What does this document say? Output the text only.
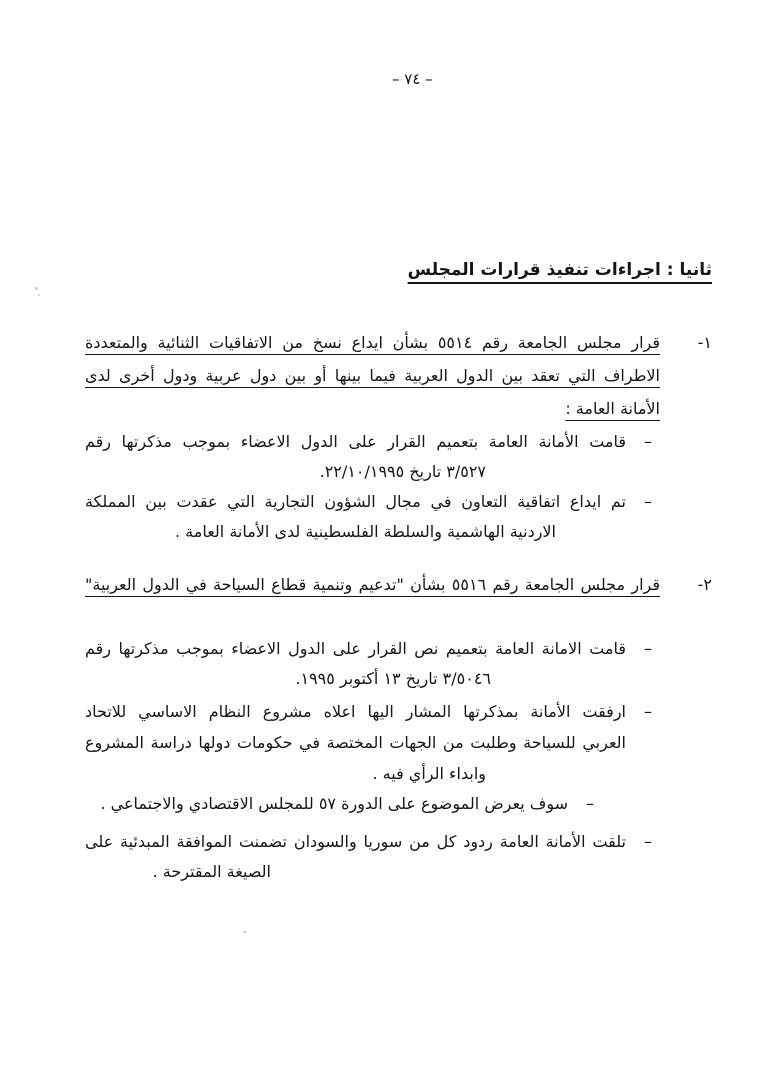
– ٧٤ –
ثانيا : اجراءات تنفيذ قرارات المجلس
١-
قرار مجلس الجامعة رقم ٥٥١٤ بشأن ايداع نسخ من الاتفاقيات الثنائية والمتعددة
الاطراف التي تعقد بين الدول العربية فيما بينها أو بين دول عربية ودول أخرى لدى
الأمانة العامة :
–
قامت الأمانة العامة بتعميم القرار على الدول الاعضاء بموجب مذكرتها رقم
٣/٥٢٧ تاريخ ٢٢/١٠/١٩٩٥.
–
تم ايداع اتفاقية التعاون في مجال الشؤون التجارية التي عقدت بين المملكة
الاردنية الهاشمية والسلطة الفلسطينية لدى الأمانة العامة .
٢-
قرار مجلس الجامعة رقم ٥٥١٦ بشأن "تدعيم وتنمية قطاع السياحة في الدول العربية"
–
قامت الامانة العامة بتعميم نص القرار على الدول الاعضاء بموجب مذكرتها رقم
٣/٥٠٤٦ تاريخ ١٣ أكتوبر ١٩٩٥.
–
ارفقت الأمانة بمذكرتها المشار اليها اعلاه مشروع النظام الاساسي للاتحاد
العربي للسياحة وطلبت من الجهات المختصة في حكومات دولها دراسة المشروع
وابداء الرأي فيه .
–
سوف يعرض الموضوع على الدورة ٥٧ للمجلس الاقتصادي والاجتماعي .
–
تلقت الأمانة العامة ردود كل من سوريا والسودان تضمنت الموافقة المبدئية على
الصيغة المقترحة .
